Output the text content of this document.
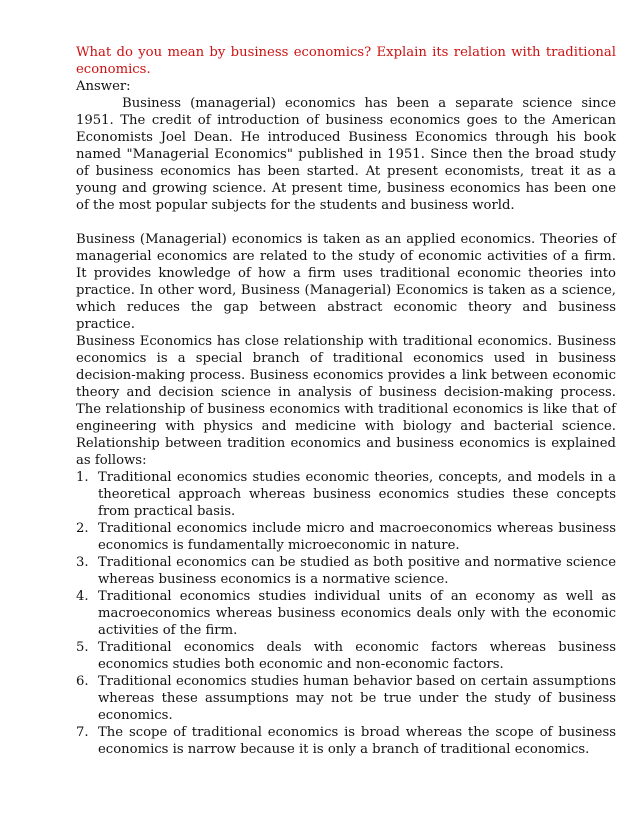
What do you mean by business economics? Explain its relation with traditional economics.

Answer:

Business (managerial) economics has been a separate science since 1951. The credit of introduction of business economics goes to the American Economists Joel Dean. He introduced Business Economics through his book named "Managerial Economics" published in 1951. Since then the broad study of business economics has been started. At present economists, treat it as a young and growing science. At present time, business economics has been one of the most popular subjects for the students and business world.

Business (Managerial) economics is taken as an applied economics. Theories of managerial economics are related to the study of economic activities of a firm. It provides knowledge of how a firm uses traditional economic theories into practice. In other word, Business (Managerial) Economics is taken as a science, which reduces the gap between abstract economic theory and business practice.

Business Economics has close relationship with traditional economics. Business economics is a special branch of traditional economics used in business decision-making process. Business economics provides a link between economic theory and decision science in analysis of business decision-making process. The relationship of business economics with traditional economics is like that of engineering with physics and medicine with biology and bacterial science. Relationship between tradition economics and business economics is explained as follows:

1. Traditional economics studies economic theories, concepts, and models in a theoretical approach whereas business economics studies these concepts from practical basis.
2. Traditional economics include micro and macroeconomics whereas business economics is fundamentally microeconomic in nature.
3. Traditional economics can be studied as both positive and normative science whereas business economics is a normative science.
4. Traditional economics studies individual units of an economy as well as macroeconomics whereas business economics deals only with the economic activities of the firm.
5. Traditional economics deals with economic factors whereas business economics studies both economic and non-economic factors.
6. Traditional economics studies human behavior based on certain assumptions whereas these assumptions may not be true under the study of business economics.
7. The scope of traditional economics is broad whereas the scope of business economics is narrow because it is only a branch of traditional economics.
